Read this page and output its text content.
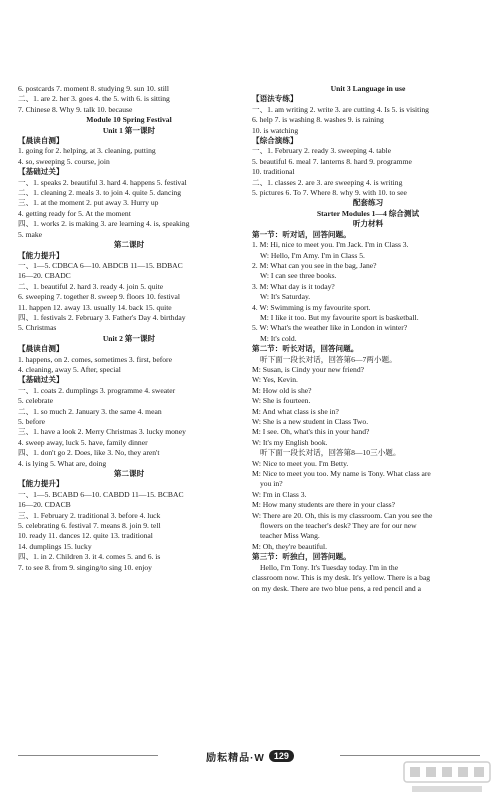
6. postcards 7. moment 8. studying 9. sun 10. still
二、1. are 2. her 3. goes 4. the 5. with 6. is sitting
7. Chinese 8. Why 9. talk 10. because
Module 10 Spring Festival
Unit 1 第一课时
【晨读自测】
1. going for 2. helping, at 3. cleaning, putting
4. so, sweeping 5. course, join
【基础过关】
一、1. speaks 2. beautiful 3. hard 4. happens 5. festival
二、1. cleaning 2. meals 3. to join 4. quite 5. dancing
三、1. at the moment 2. put away 3. Hurry up
4. getting ready for 5. At the moment
四、1. works 2. is making 3. are learning 4. is, speaking
5. make
第二课时
【能力提升】
一、1—5. CDBCA 6—10. ABDCB 11—15. BDBAC
16—20. CBADC
二、1. beautiful 2. hard 3. ready 4. join 5. quite
6. sweeping 7. together 8. sweep 9. floors 10. festival
11. happen 12. away 13. usually 14. back 15. quite
四、1. festivals 2. February 3. Father's Day 4. birthday
5. Christmas
Unit 2 第一课时
【晨读自测】
1. happens, on 2. comes, sometimes 3. first, before
4. cleaning, away 5. After, special
【基础过关】
一、1. coats 2. dumplings 3. programme 4. sweater
5. celebrate
二、1. so much 2. January 3. the same 4. mean
5. before
三、1. have a look 2. Merry Christmas 3. lucky money
4. sweep away, luck 5. have, family dinner
四、1. don't go 2. Does, like 3. No, they aren't
4. is lying 5. What are, doing
第二课时
【能力提升】
一、1—5. BCABD 6—10. CABDD 11—15. BCBAC
16—20. CDACB
三、1. February 2. traditional 3. before 4. luck
5. celebrating 6. festival 7. means 8. join 9. tell
10. ready 11. dances 12. quite 13. traditional
14. dumplings 15. lucky
四、1. in 2. Children 3. it 4. comes 5. and 6. is
7. to see 8. from 9. singing/to sing 10. enjoy
Unit 3 Language in use
【语法专练】
一、1. am writing 2. write 3. are cutting 4. Is 5. is visiting
6. help 7. is washing 8. washes 9. is raining
10. is watching
【综合演练】
一、1. February 2. ready 3. sweeping 4. table
5. beautiful 6. meal 7. lanterns 8. hard 9. programme
10. traditional
二、1. classes 2. are 3. are sweeping 4. is writing
5. pictures 6. To 7. Where 8. why 9. with 10. to see
配套练习
Starter Modules 1—4 综合测试
听力材料
第一节：听对话，回答问题。
1. M: Hi, nice to meet you. I'm Jack. I'm in Class 3.
W: Hello, I'm Amy. I'm in Class 5.
2. M: What can you see in the bag, Jane?
W: I can see three books.
3. M: What day is it today?
W: It's Saturday.
4. W: Swimming is my favourite sport.
M: I like it too. But my favourite sport is basketball.
5. W: What's the weather like in London in winter?
M: It's cold.
第二节：听长对话，回答问题。
听下面一段长对话，回答第6—7两小题。
M: Susan, is Cindy your new friend?
W: Yes, Kevin.
M: How old is she?
W: She is fourteen.
M: And what class is she in?
W: She is a new student in Class Two.
M: I see. Oh, what's this in your hand?
W: It's my English book.
听下面一段长对话，回答第8—10三小题。
W: Nice to meet you. I'm Betty.
M: Nice to meet you too. My name is Tony. What class are
you in?
W: I'm in Class 3.
M: How many students are there in your class?
W: There are 20. Oh, this is my classroom. Can you see the
flowers on the teacher's desk? They are for our new
teacher Miss Wang.
M: Oh, they're beautiful.
第三节：听独白，回答问题。
Hello, I'm Tony. It's Tuesday today. I'm in the
classroom now. This is my desk. It's yellow. There is a bag
on my desk. There are two blue pens, a red pencil and a
励耘精品·W	129
